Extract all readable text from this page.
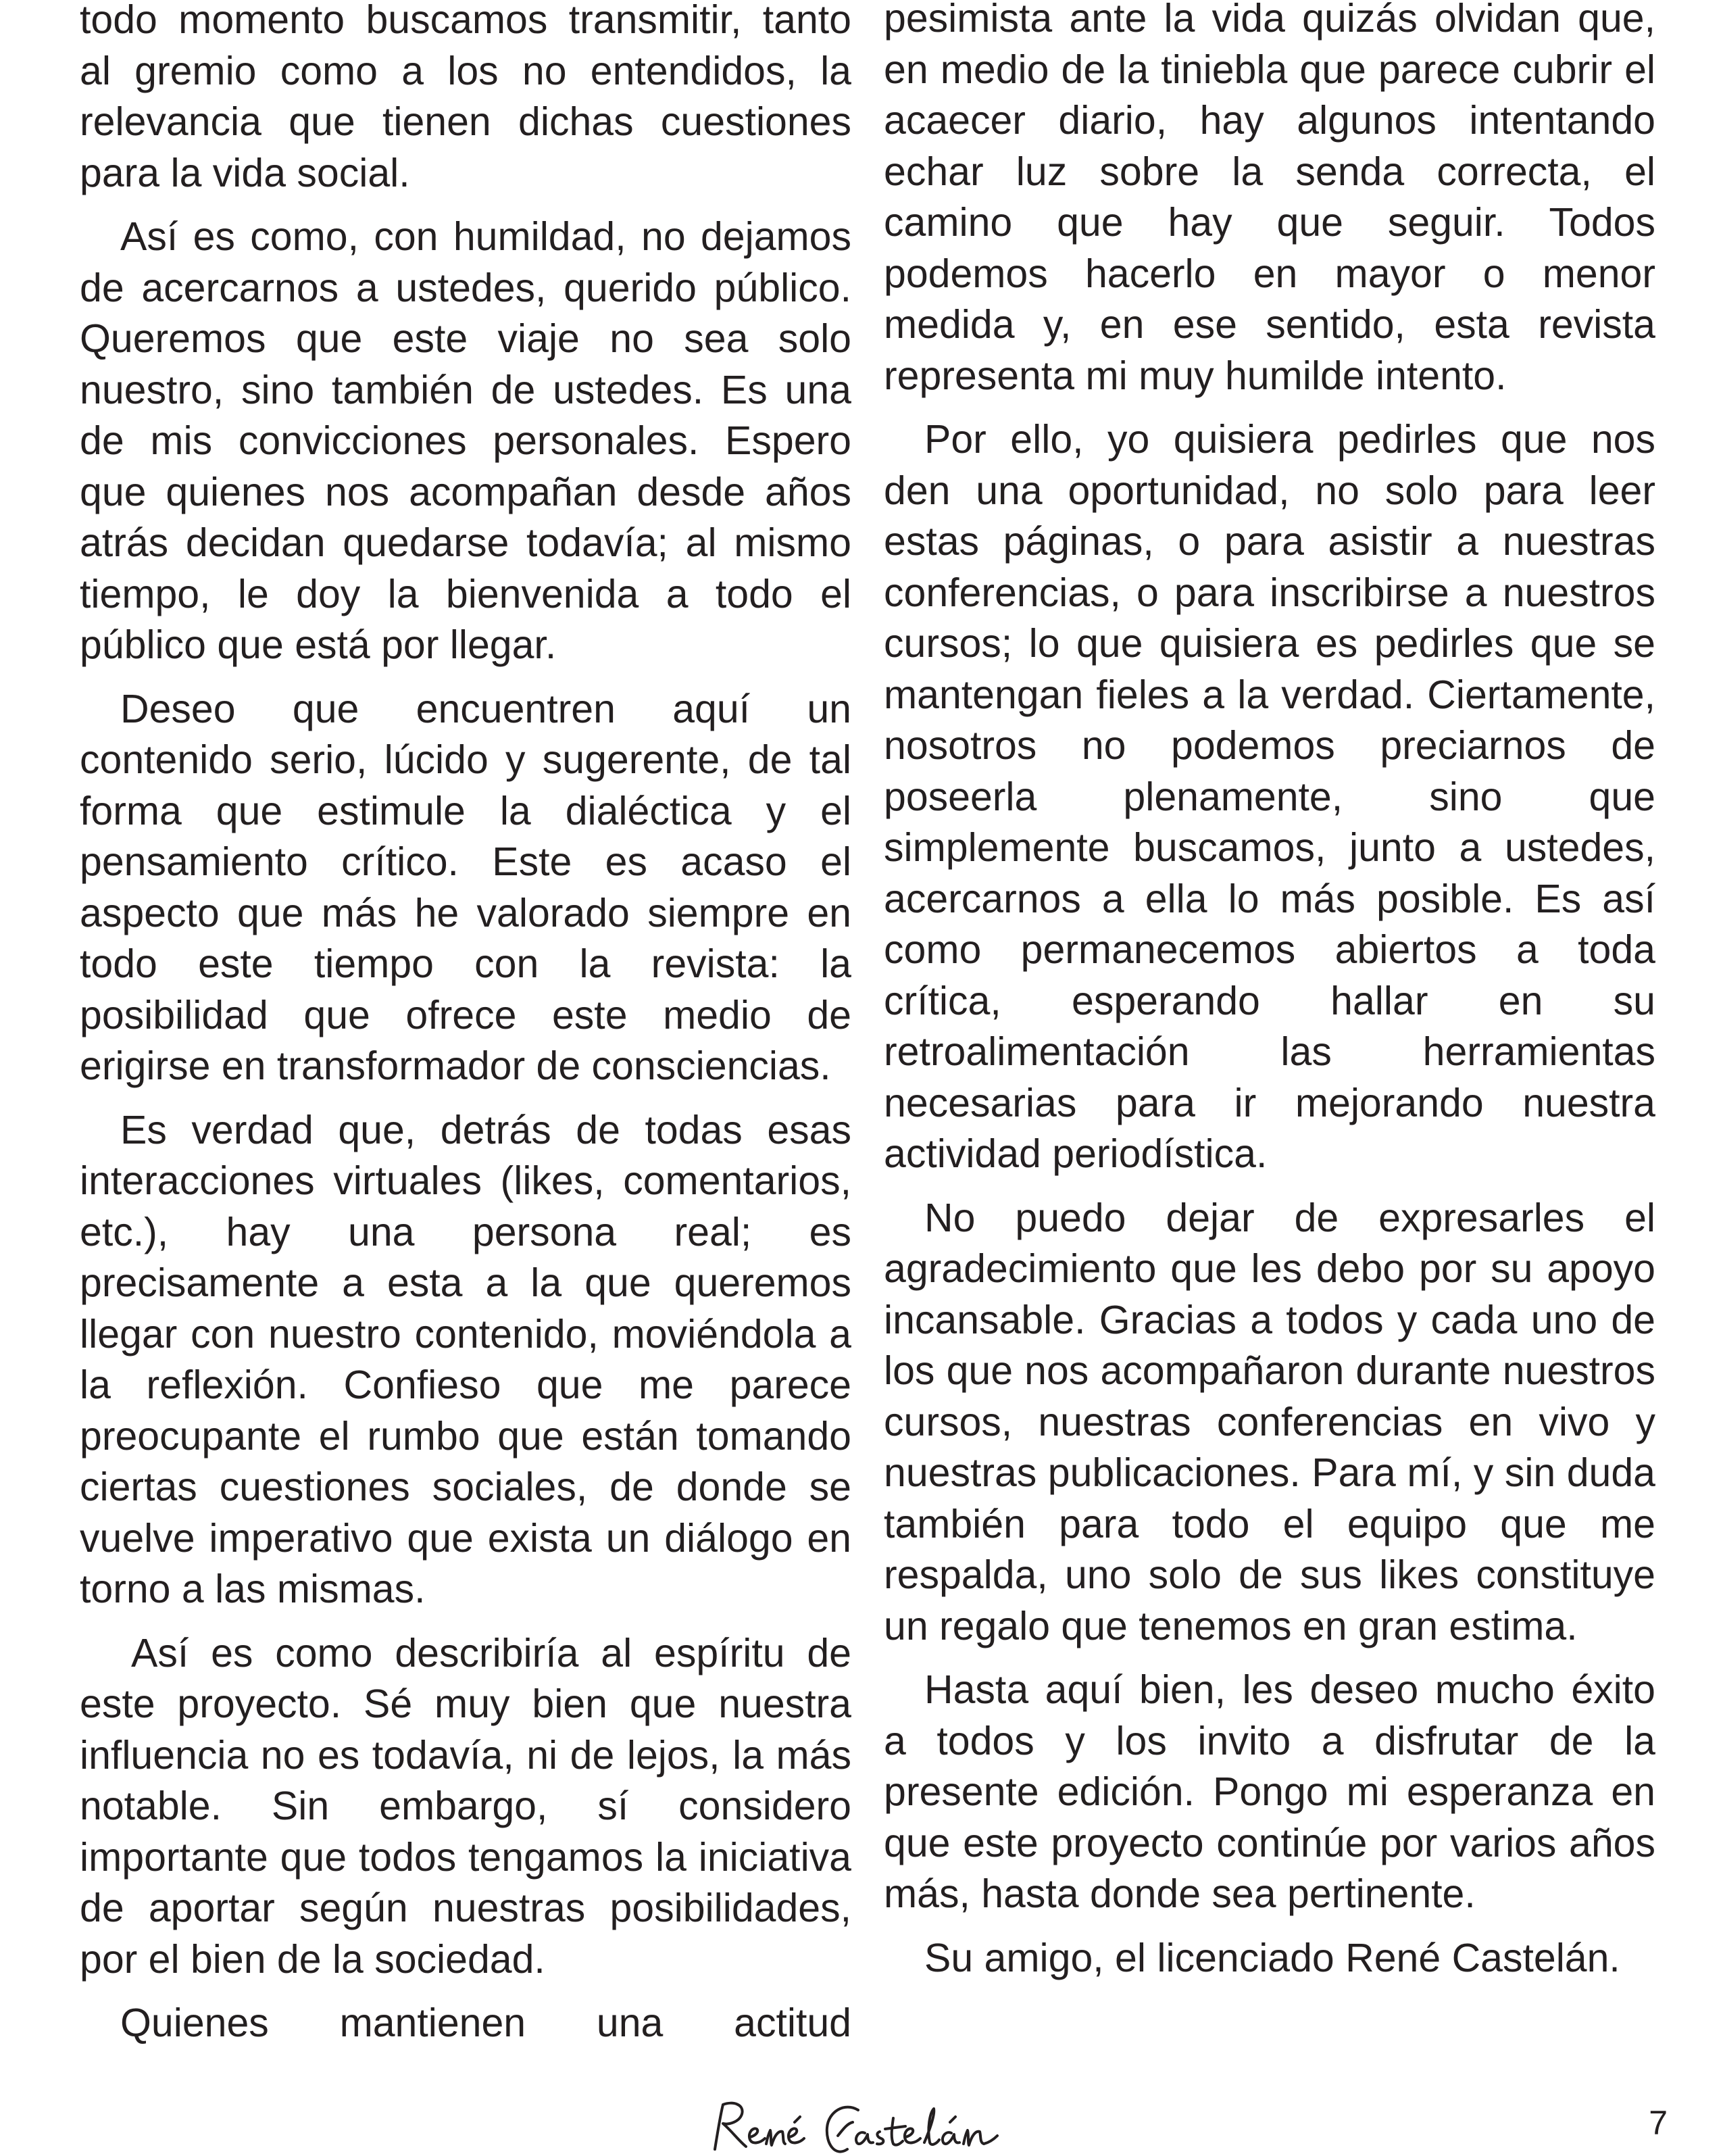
todo momento buscamos transmitir, tanto al gremio como a los no entendidos, la relevancia que tienen dichas cuestiones para la vida social.

Así es como, con humildad, no dejamos de acercarnos a ustedes, querido público. Queremos que este viaje no sea solo nuestro, sino también de ustedes. Es una de mis convicciones personales. Espero que quienes nos acompañan desde años atrás decidan quedarse todavía; al mismo tiempo, le doy la bienvenida a todo el público que está por llegar.

Deseo que encuentren aquí un contenido serio, lúcido y sugerente, de tal forma que estimule la dialéctica y el pensamiento crítico. Este es acaso el aspecto que más he valorado siempre en todo este tiempo con la revista: la posibilidad que ofrece este medio de erigirse en transformador de consciencias.

Es verdad que, detrás de todas esas interacciones virtuales (likes, comentarios, etc.), hay una persona real; es precisamente a esta a la que queremos llegar con nuestro contenido, moviéndola a la reflexión. Confieso que me parece preocupante el rumbo que están tomando ciertas cuestiones sociales, de donde se vuelve imperativo que exista un diálogo en torno a las mismas.

Así es como describiría al espíritu de este proyecto. Sé muy bien que nuestra influencia no es todavía, ni de lejos, la más notable. Sin embargo, sí considero importante que todos tengamos la iniciativa de aportar según nuestras posibilidades, por el bien de la sociedad.

Quienes mantienen una actitud

pesimista ante la vida quizás olvidan que, en medio de la tiniebla que parece cubrir el acaecer diario, hay algunos intentando echar luz sobre la senda correcta, el camino que hay que seguir. Todos podemos hacerlo en mayor o menor medida y, en ese sentido, esta revista representa mi muy humilde intento.

Por ello, yo quisiera pedirles que nos den una oportunidad, no solo para leer estas páginas, o para asistir a nuestras conferencias, o para inscribirse a nuestros cursos; lo que quisiera es pedirles que se mantengan fieles a la verdad. Ciertamente, nosotros no podemos preciarnos de poseerla plenamente, sino que simplemente buscamos, junto a ustedes, acercarnos a ella lo más posible. Es así como permanecemos abiertos a toda crítica, esperando hallar en su retroalimentación las herramientas necesarias para ir mejorando nuestra actividad periodística.

No puedo dejar de expresarles el agradecimiento que les debo por su apoyo incansable. Gracias a todos y cada uno de los que nos acompañaron durante nuestros cursos, nuestras conferencias en vivo y nuestras publicaciones. Para mí, y sin duda también para todo el equipo que me respalda, uno solo de sus likes constituye un regalo que tenemos en gran estima.

Hasta aquí bien, les deseo mucho éxito a todos y los invito a disfrutar de la presente edición. Pongo mi esperanza en que este proyecto continúe por varios años más, hasta donde sea pertinente.

Su amigo, el licenciado René Castelán.

7
